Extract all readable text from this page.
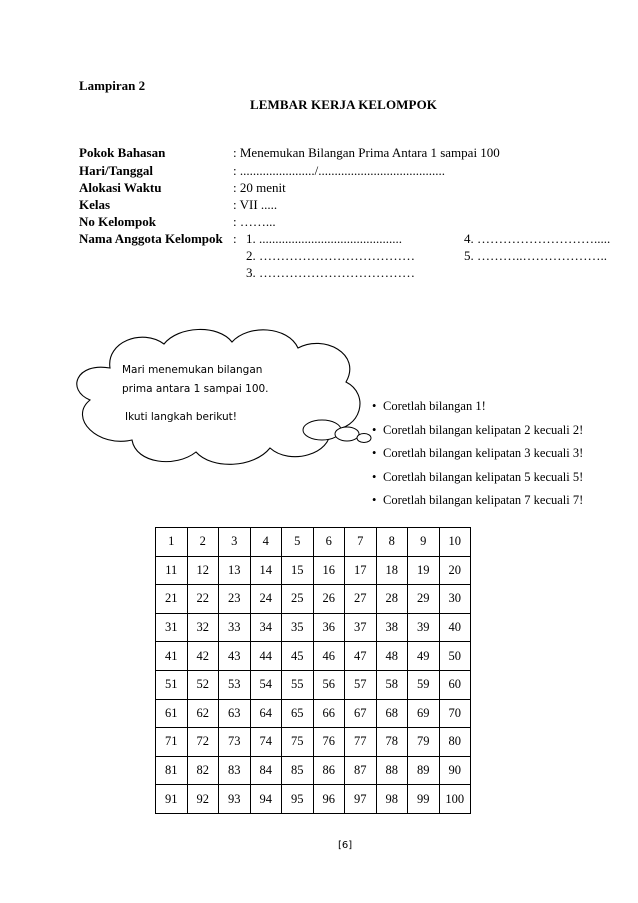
Lampiran 2
LEMBAR KERJA KELOMPOK
Pokok Bahasan	: Menemukan Bilangan Prima Antara 1 sampai 100
Hari/Tanggal	: ......................./.......................................
Alokasi Waktu	: 20 menit
Kelas	: VII .....
No Kelompok	: ……...
Nama Anggota Kelompok : 1. ............................................
2. ………………………………
3. ………………………………
4. ……………………….....
5. ………..………………..
Mari menemukan bilangan
prima antara 1 sampai 100.
Ikuti langkah berikut!
• Coretlah bilangan 1!
• Coretlah bilangan kelipatan 2 kecuali 2!
• Coretlah bilangan kelipatan 3 kecuali 3!
• Coretlah bilangan kelipatan 5 kecuali 5!
• Coretlah bilangan kelipatan 7 kecuali 7!
1	2	3	4	5	6	7	8	9	10
11	12	13	14	15	16	17	18	19	20
21	22	23	24	25	26	27	28	29	30
31	32	33	34	35	36	37	38	39	40
41	42	43	44	45	46	47	48	49	50
51	52	53	54	55	56	57	58	59	60
61	62	63	64	65	66	67	68	69	70
71	72	73	74	75	76	77	78	79	80
81	82	83	84	85	86	87	88	89	90
91	92	93	94	95	96	97	98	99	100
[6]
